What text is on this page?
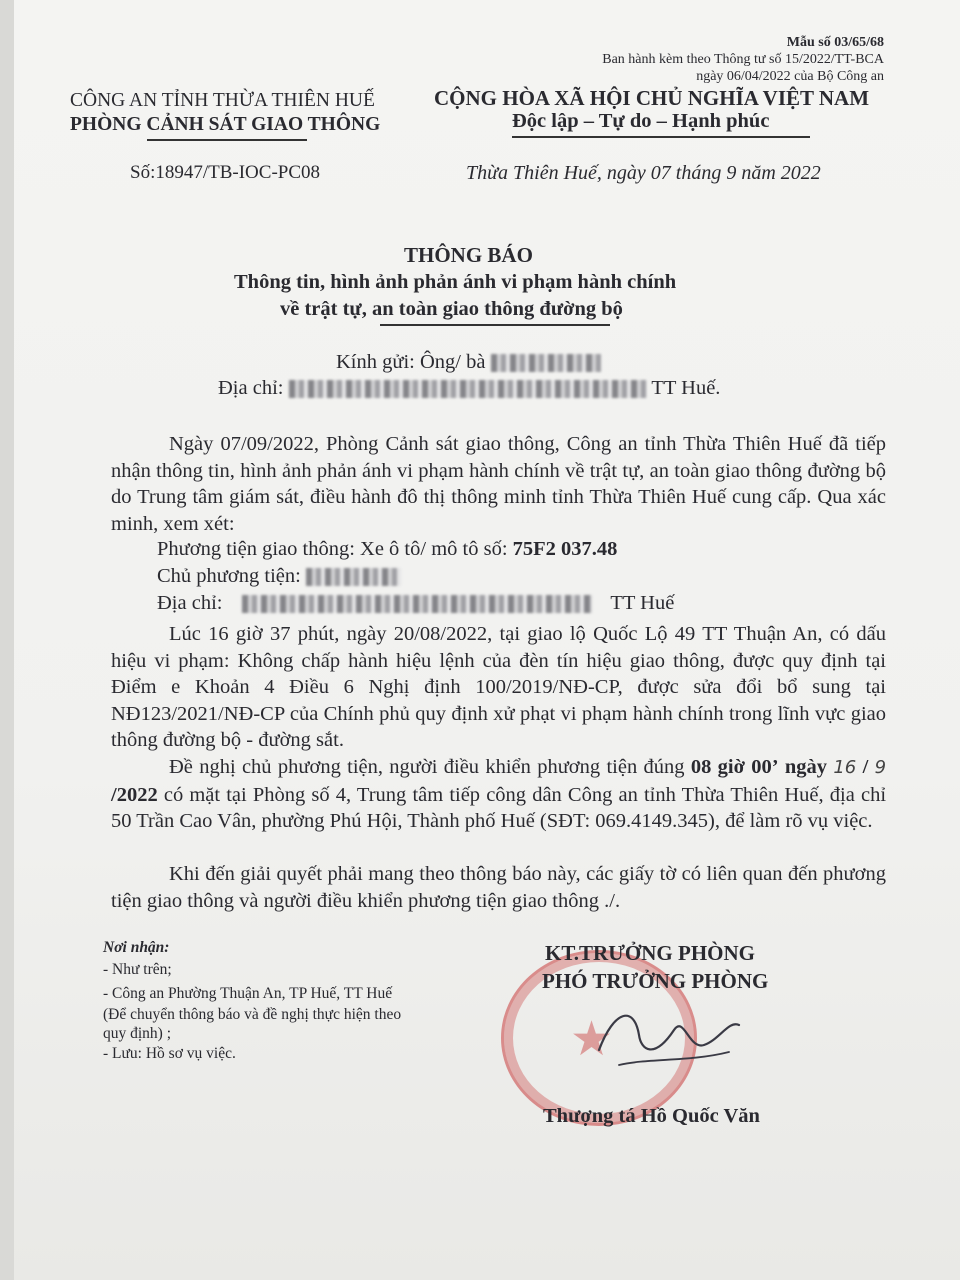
Mẫu số 03/65/68
Ban hành kèm theo Thông tư số 15/2022/TT-BCA
ngày 06/04/2022 của Bộ Công an
CÔNG AN TỈNH THỪA THIÊN HUẾ
PHÒNG CẢNH SÁT GIAO THÔNG
CỘNG HÒA XÃ HỘI CHỦ NGHĨA VIỆT NAM
Độc lập – Tự do – Hạnh phúc
Số:18947/TB-IOC-PC08	Thừa Thiên Huế, ngày 07 tháng 9 năm 2022
THÔNG BÁO
Thông tin, hình ảnh phản ánh vi phạm hành chính
về trật tự, an toàn giao thông đường bộ
Kính gửi: Ông/ bà
Địa chỉ:	TT Huế.
Ngày 07/09/2022, Phòng Cảnh sát giao thông, Công an tỉnh Thừa Thiên Huế đã tiếp nhận thông tin, hình ảnh phản ánh vi phạm hành chính về trật tự, an toàn giao thông đường bộ do Trung tâm giám sát, điều hành đô thị thông minh tỉnh Thừa Thiên Huế cung cấp. Qua xác minh, xem xét:
Phương tiện giao thông: Xe ô tô/ mô tô số: 75F2 037.48
Chủ phương tiện:
Địa chỉ:	TT Huế
Lúc 16 giờ 37 phút, ngày 20/08/2022, tại giao lộ Quốc Lộ 49 TT Thuận An, có dấu hiệu vi phạm: Không chấp hành hiệu lệnh của đèn tín hiệu giao thông, được quy định tại Điểm e Khoản 4 Điều 6 Nghị định 100/2019/NĐ-CP, được sửa đổi bổ sung tại NĐ123/2021/NĐ-CP của Chính phủ quy định xử phạt vi phạm hành chính trong lĩnh vực giao thông đường bộ - đường sắt.
Đề nghị chủ phương tiện, người điều khiển phương tiện đúng 08 giờ 00’ ngày 16 / 9 /2022 có mặt tại Phòng số 4, Trung tâm tiếp công dân Công an tỉnh Thừa Thiên Huế, địa chỉ 50 Trần Cao Vân, phường Phú Hội, Thành phố Huế (SĐT: 069.4149.345), để làm rõ vụ việc.
Khi đến giải quyết phải mang theo thông báo này, các giấy tờ có liên quan đến phương tiện giao thông và người điều khiển phương tiện giao thông ./.
Nơi nhận:
- Như trên;
- Công an Phường Thuận An, TP Huế, TT Huế
(Để chuyển thông báo và đề nghị thực hiện theo
quy định) ;
- Lưu: Hồ sơ vụ việc.	★
KT.TRƯỞNG PHÒNG
PHÓ TRƯỞNG PHÒNG
Thượng tá Hồ Quốc Văn
